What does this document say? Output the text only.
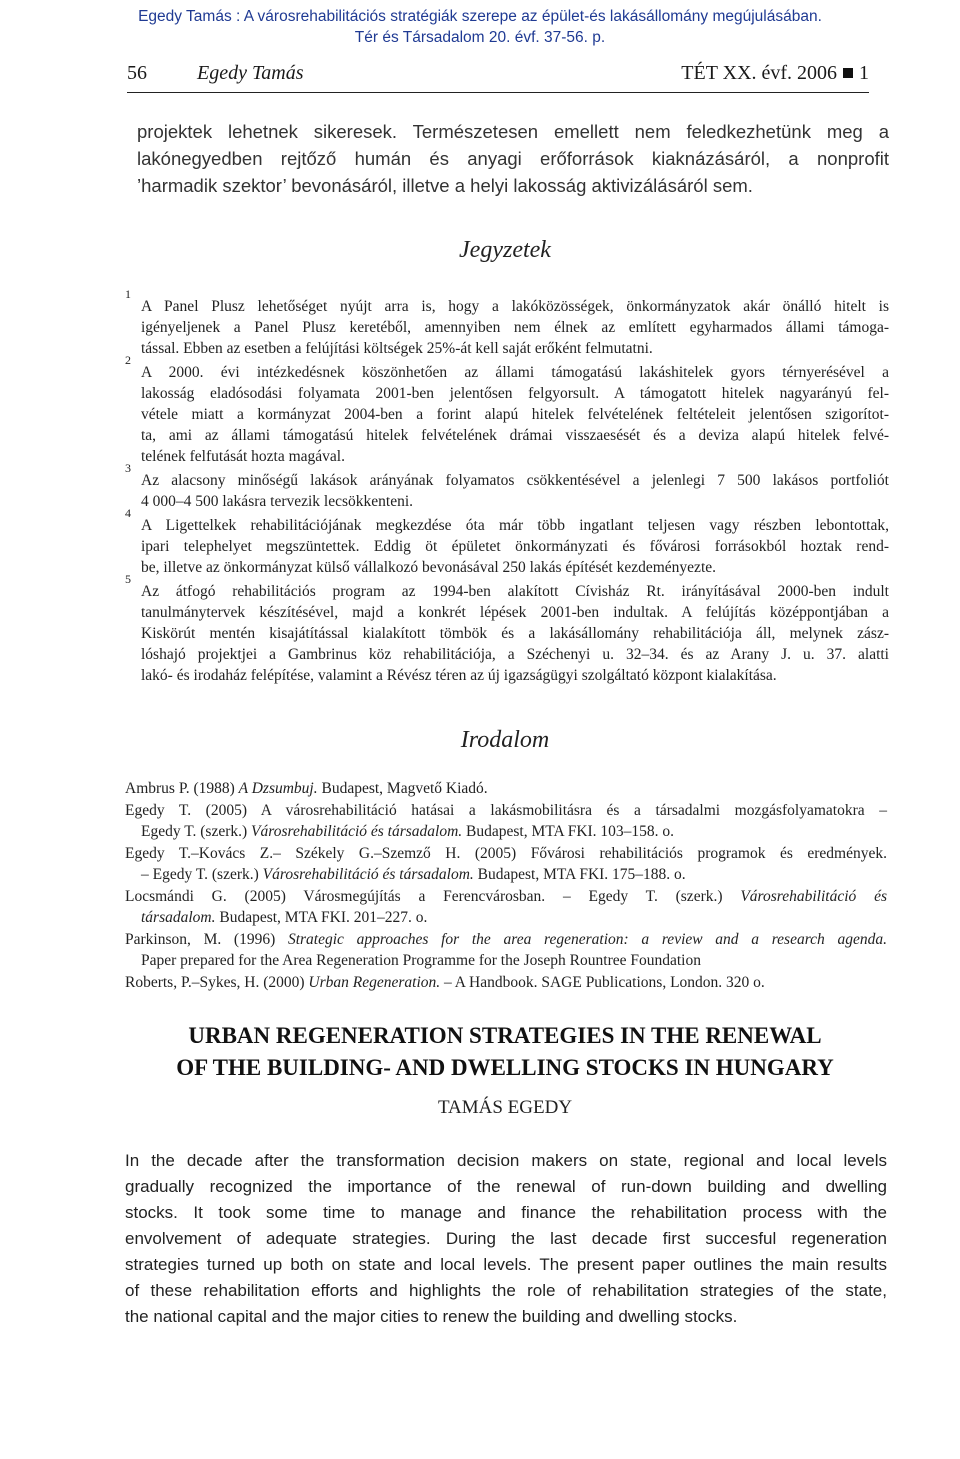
Egedy Tamás : A városrehabilitációs stratégiák szerepe az épület-és lakásállomány megújulásában.
Tér és Társadalom 20. évf. 37-56. p.
56	Egedy Tamás	TÉT XX. évf. 2006 1
projektek lehetnek sikeresek. Természetesen emellett nem feledkezhetünk meg a
lakónegyedben rejtőző humán és anyagi erőforrások kiaknázásáról, a nonprofit
’harmadik szektor’ bevonásáról, illetve a helyi lakosság aktivizálásáról sem.
Jegyzetek
1
A Panel Plusz lehetőséget nyújt arra is, hogy a lakóközösségek, önkormányzatok akár önálló hitelt is
igényeljenek a Panel Plusz keretéből, amennyiben nem élnek az említett egyharmados állami támoga-
tással. Ebben az esetben a felújítási költségek 25%-át kell saját erőként felmutatni.
2
A 2000. évi intézkedésnek köszönhetően az állami támogatású lakáshitelek gyors térnyerésével a
lakosság eladósodási folyamata 2001-ben jelentősen felgyorsult. A támogatott hitelek nagyarányú fel-
vétele miatt a kormányzat 2004-ben a forint alapú hitelek felvételének feltételeit jelentősen szigorítot-
ta, ami az állami támogatású hitelek felvételének drámai visszaesését és a deviza alapú hitelek felvé-
telének felfutását hozta magával.
3
Az alacsony minőségű lakások arányának folyamatos csökkentésével a jelenlegi 7 500 lakásos portfoliót
4 000–4 500 lakásra tervezik lecsökkenteni.
4
A Ligettelkek rehabilitációjának megkezdése óta már több ingatlant teljesen vagy részben lebontottak,
ipari telephelyet megszüntettek. Eddig öt épületet önkormányzati és fővárosi forrásokból hoztak rend-
be, illetve az önkormányzat külső vállalkozó bevonásával 250 lakás építését kezdeményezte.
5
Az átfogó rehabilitációs program az 1994-ben alakított Cívisház Rt. irányításával 2000-ben indult
tanulmánytervek készítésével, majd a konkrét lépések 2001-ben indultak. A felújítás középpontjában a
Kiskörút mentén kisajátítással kialakított tömbök és a lakásállomány rehabilitációja áll, melynek zász-
lóshajó projektjei a Gambrinus köz rehabilitációja, a Széchenyi u. 32–34. és az Arany J. u. 37. alatti
lakó- és irodaház felépítése, valamint a Révész téren az új igazságügyi szolgáltató központ kialakítása.
Irodalom
Ambrus P. (1988) A Dzsumbuj. Budapest, Magvető Kiadó.
Egedy T. (2005) A városrehabilitáció hatásai a lakásmobilitásra és a társadalmi mozgásfolyamatokra –
Egedy T. (szerk.) Városrehabilitáció és társadalom. Budapest, MTA FKI. 103–158. o.
Egedy T.–Kovács Z.– Székely G.–Szemző H. (2005) Fővárosi rehabilitációs programok és eredmények.
– Egedy T. (szerk.) Városrehabilitáció és társadalom. Budapest, MTA FKI. 175–188. o.
Locsmándi G. (2005) Városmegújítás a Ferencvárosban. – Egedy T. (szerk.) Városrehabilitáció és
társadalom. Budapest, MTA FKI. 201–227. o.
Parkinson, M. (1996) Strategic approaches for the area regeneration: a review and a research agenda.
Paper prepared for the Area Regeneration Programme for the Joseph Rountree Foundation
Roberts, P.–Sykes, H. (2000) Urban Regeneration. – A Handbook. SAGE Publications, London. 320 o.
URBAN REGENERATION STRATEGIES IN THE RENEWAL
OF THE BUILDING- AND DWELLING STOCKS IN HUNGARY
TAMÁS EGEDY
In the decade after the transformation decision makers on state, regional and local levels
gradually recognized the importance of the renewal of run-down building and dwelling
stocks. It took some time to manage and finance the rehabilitation process with the
envolvement of adequate strategies. During the last decade first succesful regeneration
strategies turned up both on state and local levels. The present paper outlines the main results
of these rehabilitation efforts and highlights the role of rehabilitation strategies of the state,
the national capital and the major cities to renew the building and dwelling stocks.
